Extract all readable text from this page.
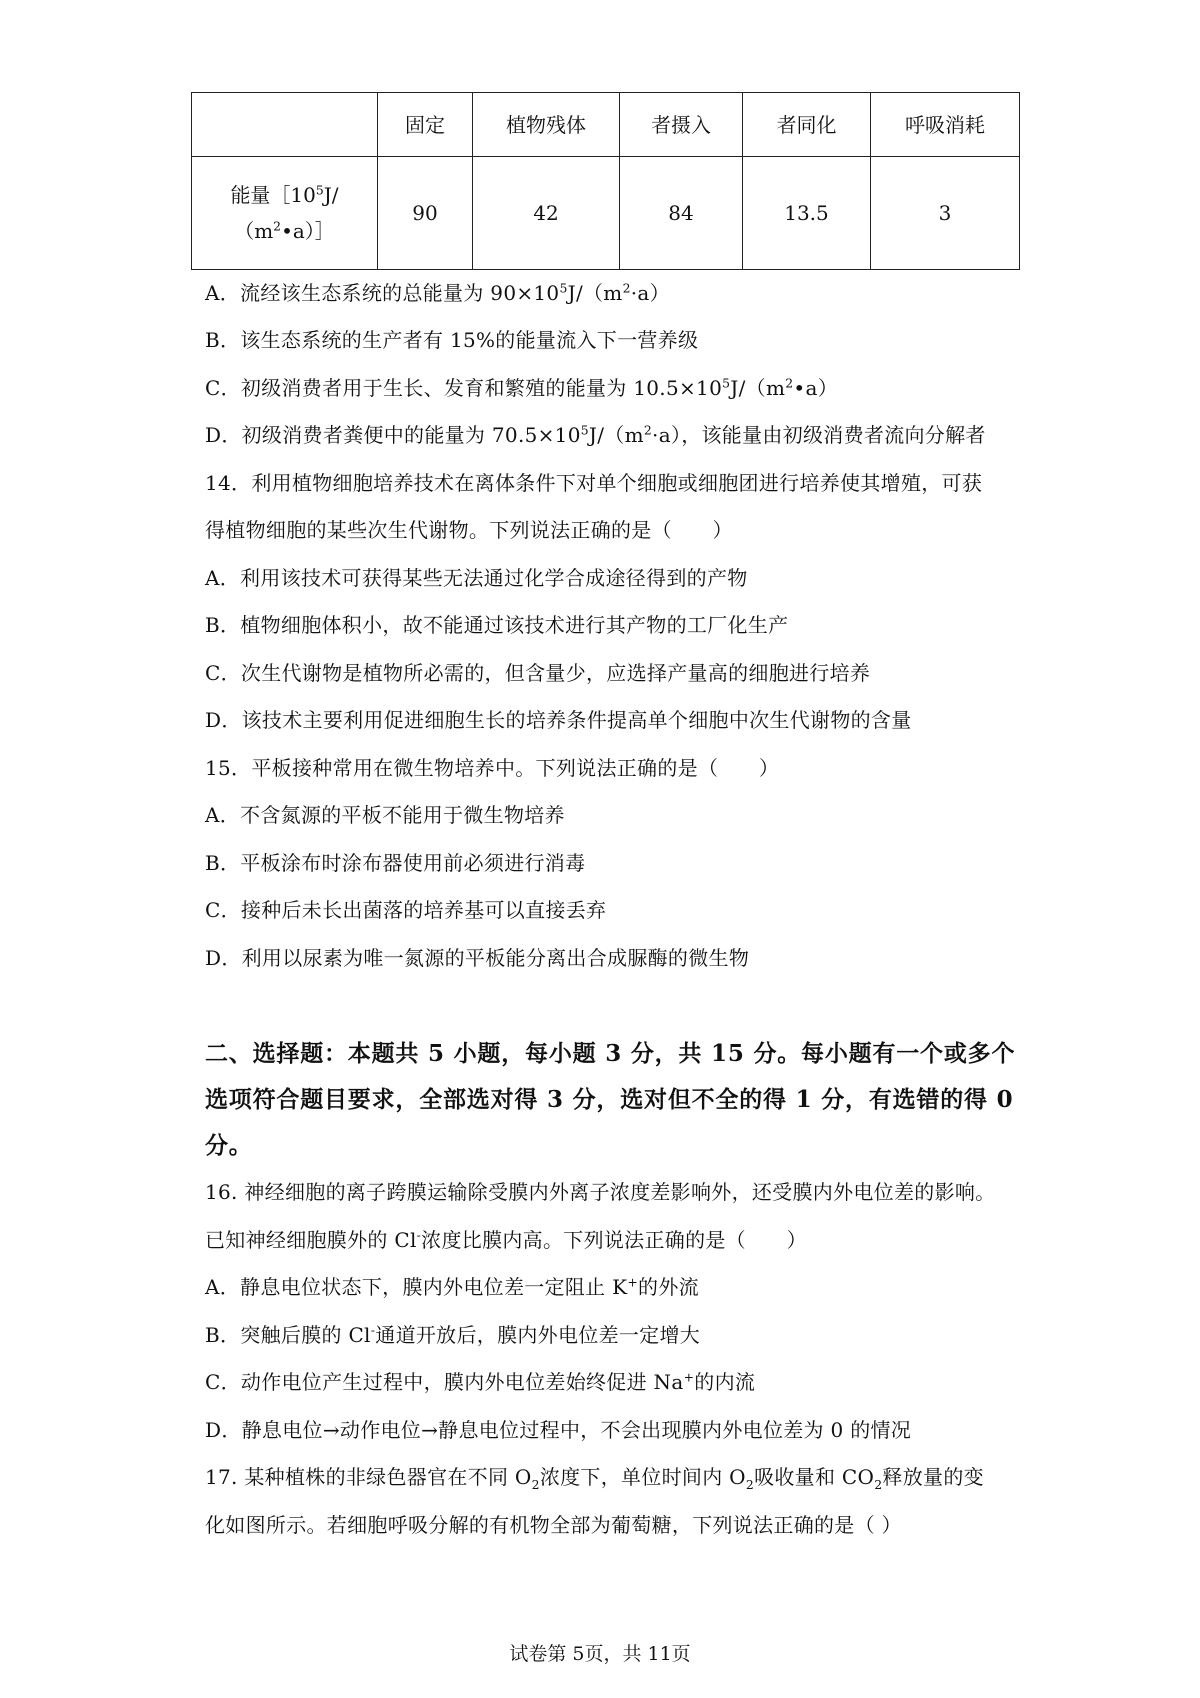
	固定	植物残体	者摄入	者同化	呼吸消耗
能量$[10^5J/$
$(m^2•a)]$	90	42	84	13.5	3
A．流经该生态系统的总能量为 $90\times 10^5J/(m^2\cdot a)$
B．该生态系统的生产者有 15%的能量流入下一营养级
C．初级消费者用于生长、发育和繁殖的能量为 $10.5\times 10^5J/(m^2•a)$
D．初级消费者粪便中的能量为 $70.5\times 10^5J/(m^2\cdot a)$，该能量由初级消费者流向分解者
14．利用植物细胞培养技术在离体条件下对单个细胞或细胞团进行培养使其增殖，可获
得植物细胞的某些次生代谢物。下列说法正确的是（　　）
A．利用该技术可获得某些无法通过化学合成途径得到的产物
B．植物细胞体积小，故不能通过该技术进行其产物的工厂化生产
C．次生代谢物是植物所必需的，但含量少，应选择产量高的细胞进行培养
D．该技术主要利用促进细胞生长的培养条件提高单个细胞中次生代谢物的含量
15．平板接种常用在微生物培养中。下列说法正确的是（　　）
A．不含氮源的平板不能用于微生物培养
B．平板涂布时涂布器使用前必须进行消毒
C．接种后未长出菌落的培养基可以直接丢弃
D．利用以尿素为唯一氮源的平板能分离出合成脲酶的微生物
二、选择题：本题共 5 小题，每小题 3 分，共 15 分。每小题有一个或多个
选项符合题目要求，全部选对得 3 分，选对但不全的得 1 分，有选错的得 0
分。
16. 神经细胞的离子跨膜运输除受膜内外离子浓度差影响外，还受膜内外电位差的影响。
已知神经细胞膜外的 Cl-浓度比膜内高。下列说法正确的是（　　）
A．静息电位状态下，膜内外电位差一定阻止 K+的外流
B．突触后膜的 Cl-通道开放后，膜内外电位差一定增大
C．动作电位产生过程中，膜内外电位差始终促进 Na+的内流
D．静息电位→动作电位→静息电位过程中，不会出现膜内外电位差为 0 的情况
17. 某种植株的非绿色器官在不同 $O_2$浓度下，单位时间内 $O_2$吸收量和 $CO_2$释放量的变
化如图所示。若细胞呼吸分解的有机物全部为葡萄糖，下列说法正确的是（ ）
试卷第 5页，共 11页
